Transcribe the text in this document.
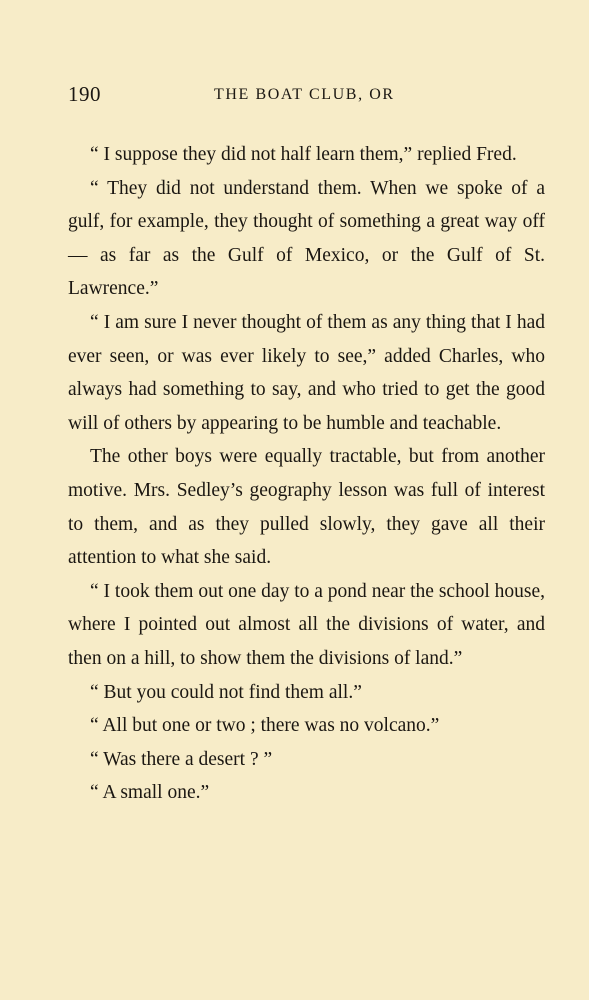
190	THE BOAT CLUB, OR

“ I suppose they did not half learn them,” replied Fred.

“ They did not understand them. When we spoke of a gulf, for example, they thought of something a great way off — as far as the Gulf of Mexico, or the Gulf of St. Lawrence.”

“ I am sure I never thought of them as any thing that I had ever seen, or was ever likely to see,” added Charles, who always had something to say, and who tried to get the good will of others by appearing to be humble and teachable.

The other boys were equally tractable, but from another motive. Mrs. Sedley’s geography lesson was full of interest to them, and as they pulled slowly, they gave all their attention to what she said.

“ I took them out one day to a pond near the school house, where I pointed out almost all the divisions of water, and then on a hill, to show them the divisions of land.”

“ But you could not find them all.”

“ All but one or two ; there was no volcano.”

“ Was there a desert ? ”

“ A small one.”
